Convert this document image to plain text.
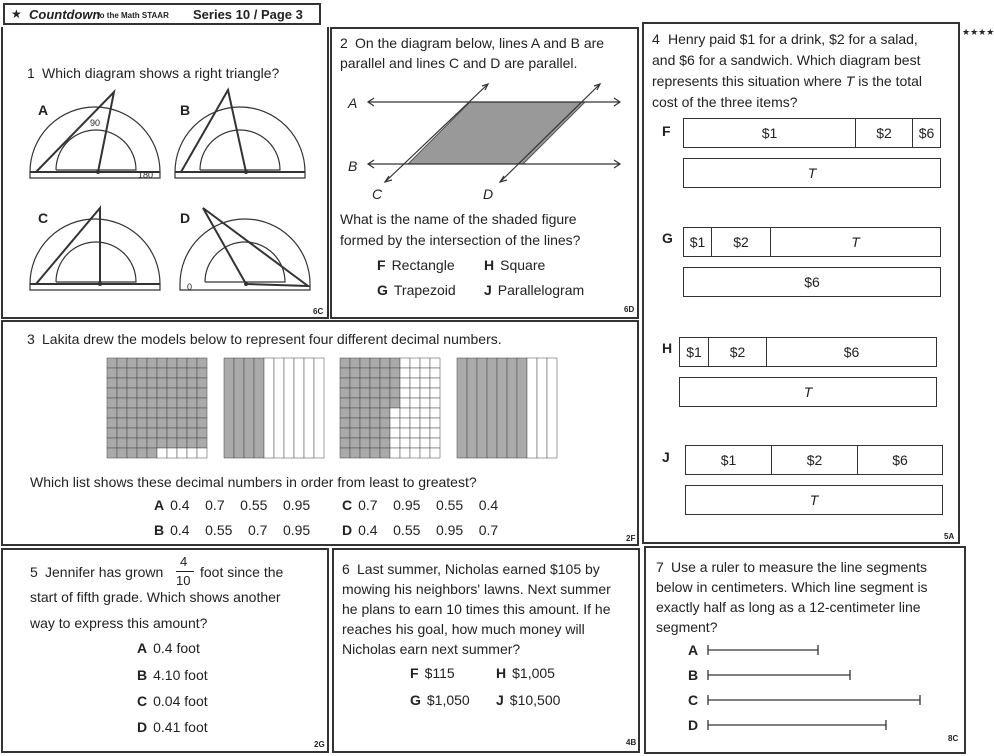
Countdown
to the Math STAAR Series 10 / Page 3
★
1 Which diagram shows a right triangle?
A	B
C	D
90
180
0
6C
2 On the diagram below, lines A and B are
parallel and lines C and D are parallel.
A
B
C	D
What is the name of the shaded figure
formed by the intersection of the lines?
F Rectangle H Square
G Trapezoid J Parallelogram
6D
4 Henry paid $1 for a drink, $2 for a salad,
and $6 for a sandwich. Which diagram best
represents this situation where T is the total
cost of the three items?
F	$1	$2	$6
T
G	$1	$2	T
$6
H	$1	$2	$6
T
J	$1	$2	$6
T
5A
★★★★
3 Lakita drew the models below to represent four different decimal numbers.
Which list shows these decimal numbers in order from least to greatest?
A 0.4    0.7    0.55    0.95 C 0.7    0.95    0.55    0.4
B 0.4    0.55    0.7    0.95 D 0.4    0.55    0.95    0.7
2F
5 Jennifer has grown
4
10
foot since the
start of fifth grade. Which shows another
way to express this amount?
A 0.4 foot
B 4.10 foot
C 0.04 foot
D 0.41 foot
2G
6 Last summer, Nicholas earned $105 by
mowing his neighbors' lawns. Next summer
he plans to earn 10 times this amount. If he
reaches his goal, how much money will
Nicholas earn next summer?
F $115	H $1,005
G $1,050 J $10,500
4B
7 Use a ruler to measure the line segments
below in centimeters. Which line segment is
exactly half as long as a 12-centimeter line
segment?
A
B
C
D
8C
